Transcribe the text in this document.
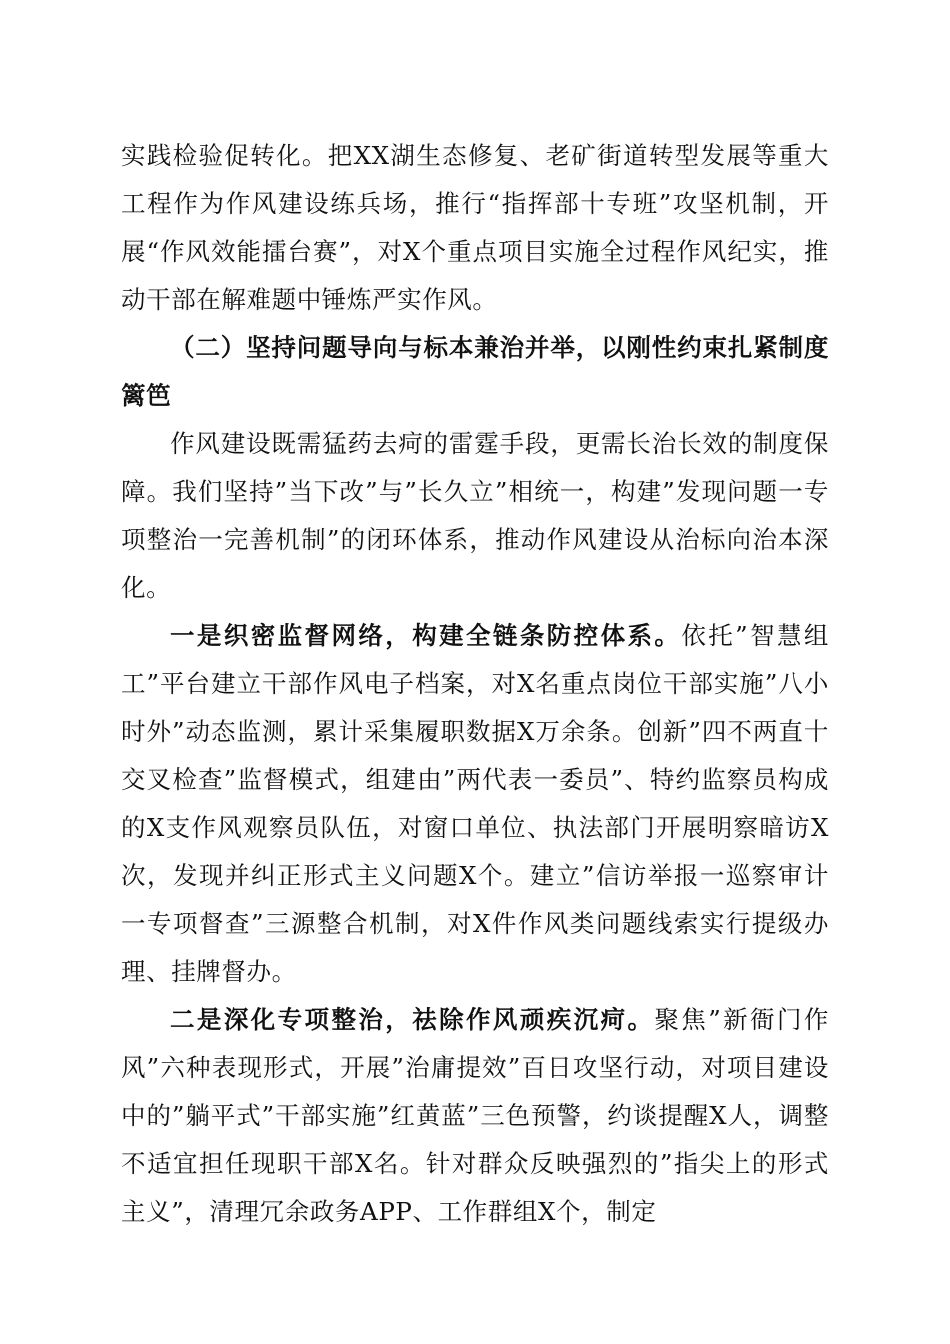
实践检验促转化。把XX湖生态修复、老矿街道转型发展等重大工程作为作风建设练兵场，推行“指挥部十专班”攻坚机制，开展“作风效能擂台赛”，对X个重点项目实施全过程作风纪实，推动干部在解难题中锤炼严实作风。

（二）坚持问题导向与标本兼治并举，以刚性约束扎紧制度篱笆

作风建设既需猛药去疴的雷霆手段，更需长治长效的制度保障。我们坚持”当下改”与”长久立”相统一，构建”发现问题一专项整治一完善机制”的闭环体系，推动作风建设从治标向治本深化。

一是织密监督网络，构建全链条防控体系。依托”智慧组工”平台建立干部作风电子档案，对X名重点岗位干部实施”八小时外”动态监测，累计采集履职数据X万余条。创新”四不两直十交叉检查”监督模式，组建由”两代表一委员”、特约监察员构成的X支作风观察员队伍，对窗口单位、执法部门开展明察暗访X次，发现并纠正形式主义问题X个。建立”信访举报一巡察审计一专项督查”三源整合机制，对X件作风类问题线索实行提级办理、挂牌督办。

二是深化专项整治，祛除作风顽疾沉疴。聚焦”新衙门作风”六种表现形式，开展”治庸提效”百日攻坚行动，对项目建设中的”躺平式”干部实施”红黄蓝”三色预警，约谈提醒X人，调整不适宜担任现职干部X名。针对群众反映强烈的”指尖上的形式主义”，清理冗余政务APP、工作群组X个，制定
